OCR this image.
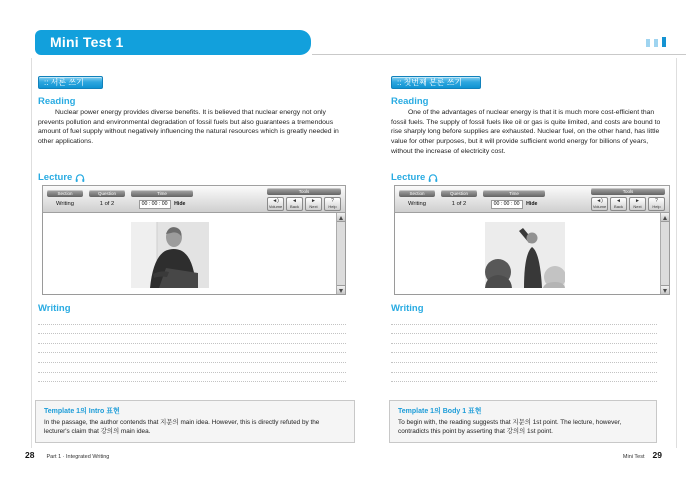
Mini Test 1
:: 서론 쓰기
Reading
Nuclear power energy provides diverse benefits. It is believed that nuclear energy not only prevents pollution and environmental degradation of fossil fuels but also guarantees a tremendous amount of fuel supply without negatively influencing the natural resources which is greatly needed in other applications.
Lecture
Section
Writing
Question
1 of 2
Time
00 : 00 : 00 Hide
Tools
◄)
Volume
◄
Back
►
Next
?
Help
Writing
Template 1의 Intro 표현
In the passage, the author contends that 지문의 main idea. However, this is directly refuted by the lecturer's claim that 강의의 main idea.
:: 첫번째 본론 쓰기
Reading
One of the advantages of nuclear energy is that it is much more cost-efficient than fossil fuels. The supply of fossil fuels like oil or gas is quite limited, and costs are bound to rise sharply long before supplies are exhausted. Nuclear fuel, on the other hand, has little value for other purposes, but it will provide sufficient world energy for billions of years, without the increase of electricity cost.
Lecture
Section
Writing
Question
1 of 2
Time
00 : 00 : 00 Hide
Tools
◄)
Volume
◄
Back
►
Next
?
Help
Writing
Template 1의 Body 1 표현
To begin with, the reading suggests that 지문의 1st point. The lecture, however, contradicts this point by asserting that 강의의 1st point.
28 Part 1 · Integrated Writing	Mini Test 29
